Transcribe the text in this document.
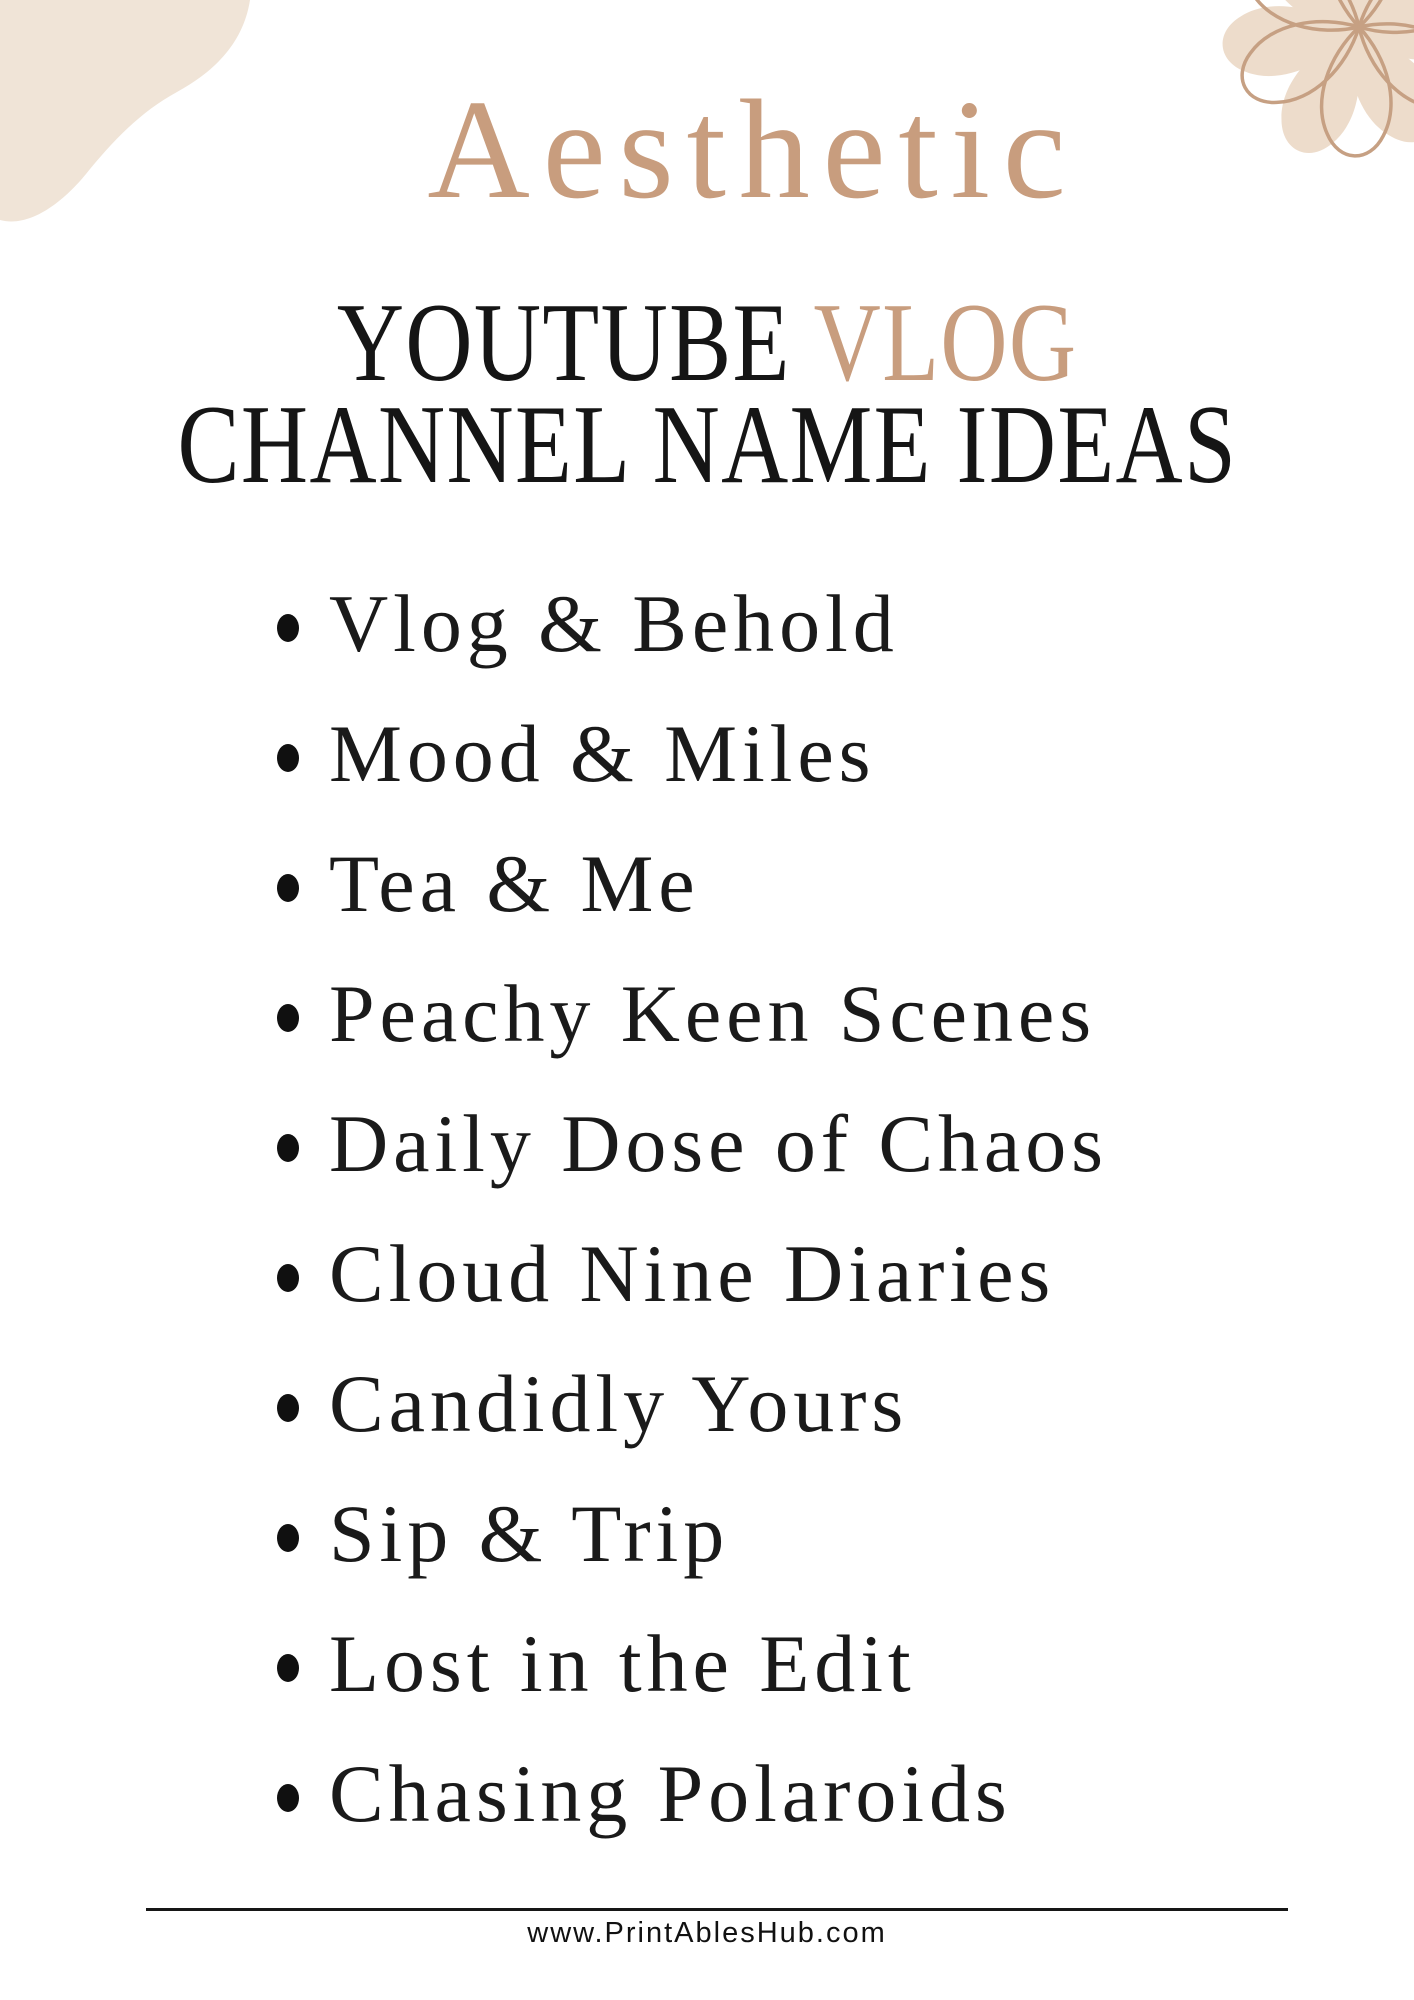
Aesthetic
YOUTUBE VLOG
CHANNEL NAME IDEAS
Vlog & Behold
Mood & Miles
Tea & Me
Peachy Keen Scenes
Daily Dose of Chaos
Cloud Nine Diaries
Candidly Yours
Sip & Trip
Lost in the Edit
Chasing Polaroids
www.PrintAblesHub.com
